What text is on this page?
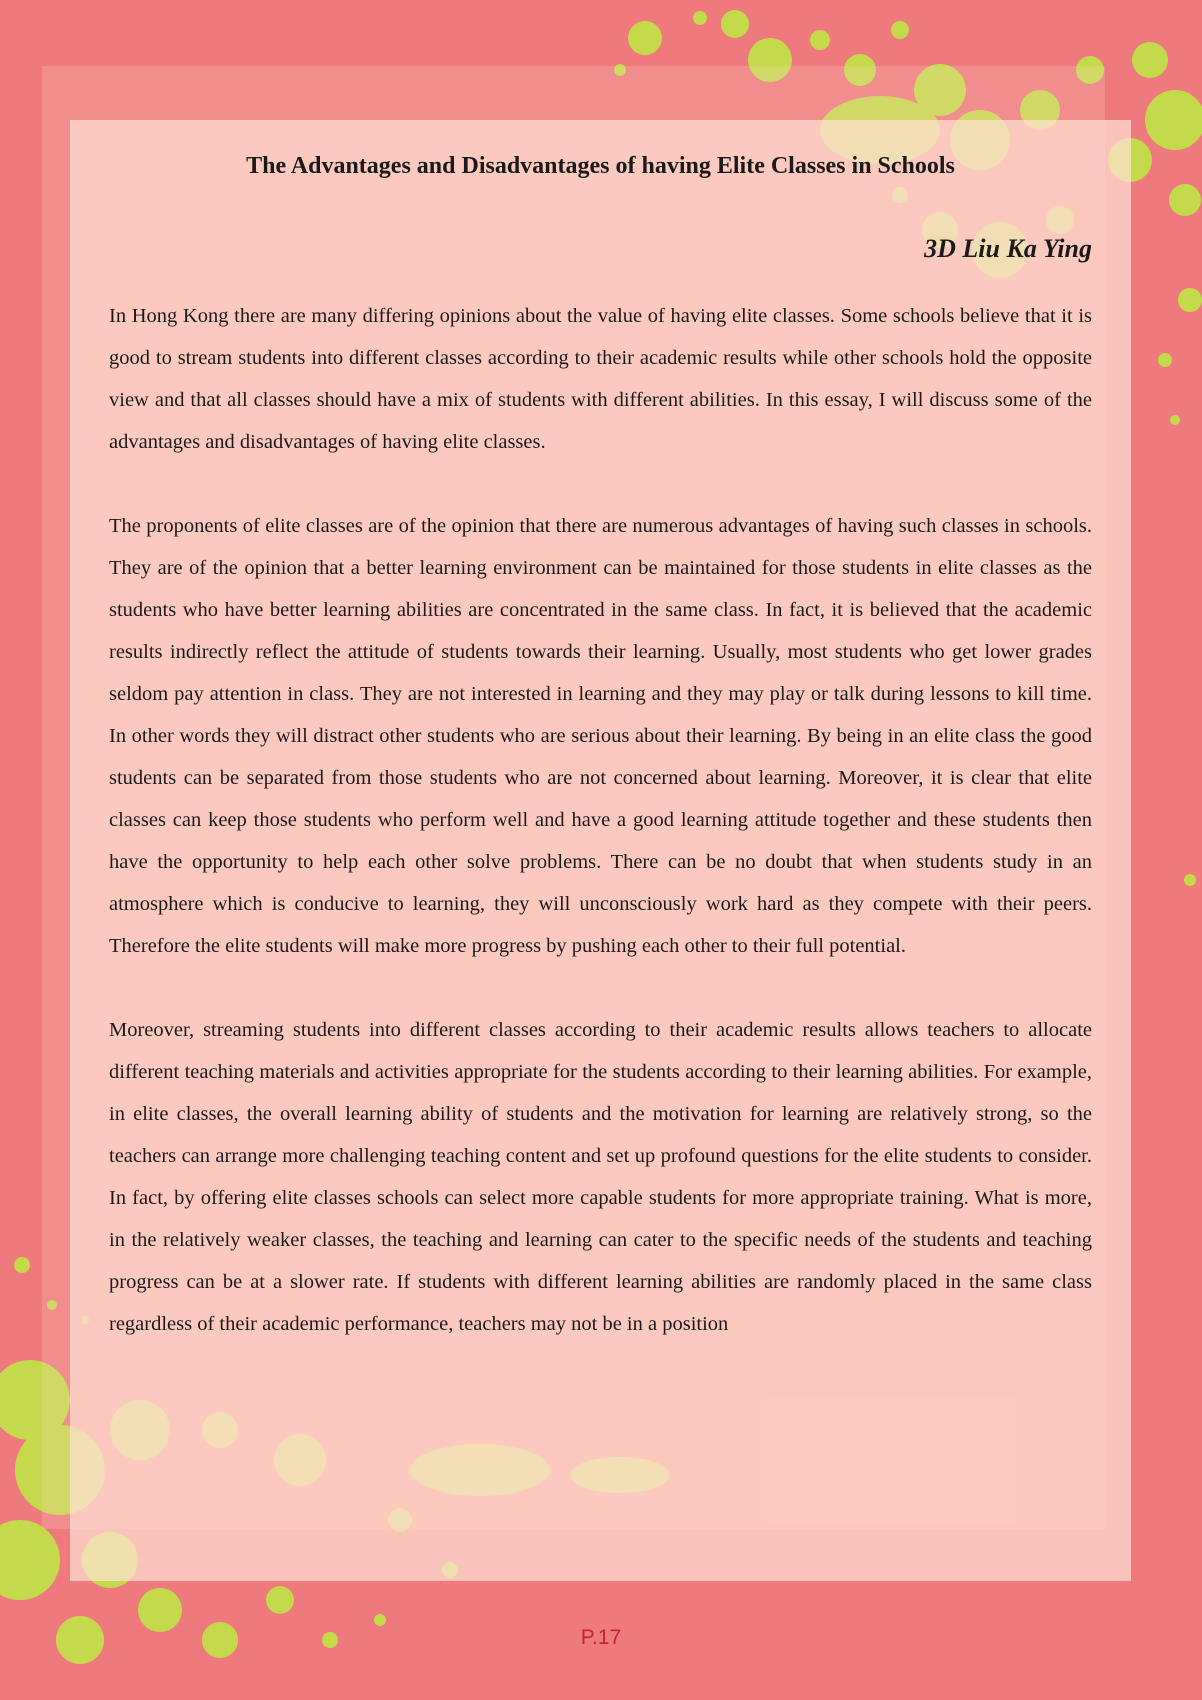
The Advantages and Disadvantages of having Elite Classes in Schools
3D Liu Ka Ying

In Hong Kong there are many differing opinions about the value of having elite classes. Some schools believe that it is good to stream students into different classes according to their academic results while other schools hold the opposite view and that all classes should have a mix of students with different abilities. In this essay, I will discuss some of the advantages and disadvantages of having elite classes.

The proponents of elite classes are of the opinion that there are numerous advantages of having such classes in schools. They are of the opinion that a better learning environment can be maintained for those students in elite classes as the students who have better learning abilities are concentrated in the same class. In fact, it is believed that the academic results indirectly reflect the attitude of students towards their learning. Usually, most students who get lower grades seldom pay attention in class. They are not interested in learning and they may play or talk during lessons to kill time. In other words they will distract other students who are serious about their learning. By being in an elite class the good students can be separated from those students who are not concerned about learning. Moreover, it is clear that elite classes can keep those students who perform well and have a good learning attitude together and these students then have the opportunity to help each other solve problems. There can be no doubt that when students study in an atmosphere which is conducive to learning, they will unconsciously work hard as they compete with their peers. Therefore the elite students will make more progress by pushing each other to their full potential.

Moreover, streaming students into different classes according to their academic results allows teachers to allocate different teaching materials and activities appropriate for the students according to their learning abilities. For example, in elite classes, the overall learning ability of students and the motivation for learning are relatively strong, so the teachers can arrange more challenging teaching content and set up profound questions for the elite students to consider. In fact, by offering elite classes schools can select more capable students for more appropriate training. What is more, in the relatively weaker classes, the teaching and learning can cater to the specific needs of the students and teaching progress can be at a slower rate. If students with different learning abilities are randomly placed in the same class regardless of their academic performance, teachers may not be in a position

P.17
